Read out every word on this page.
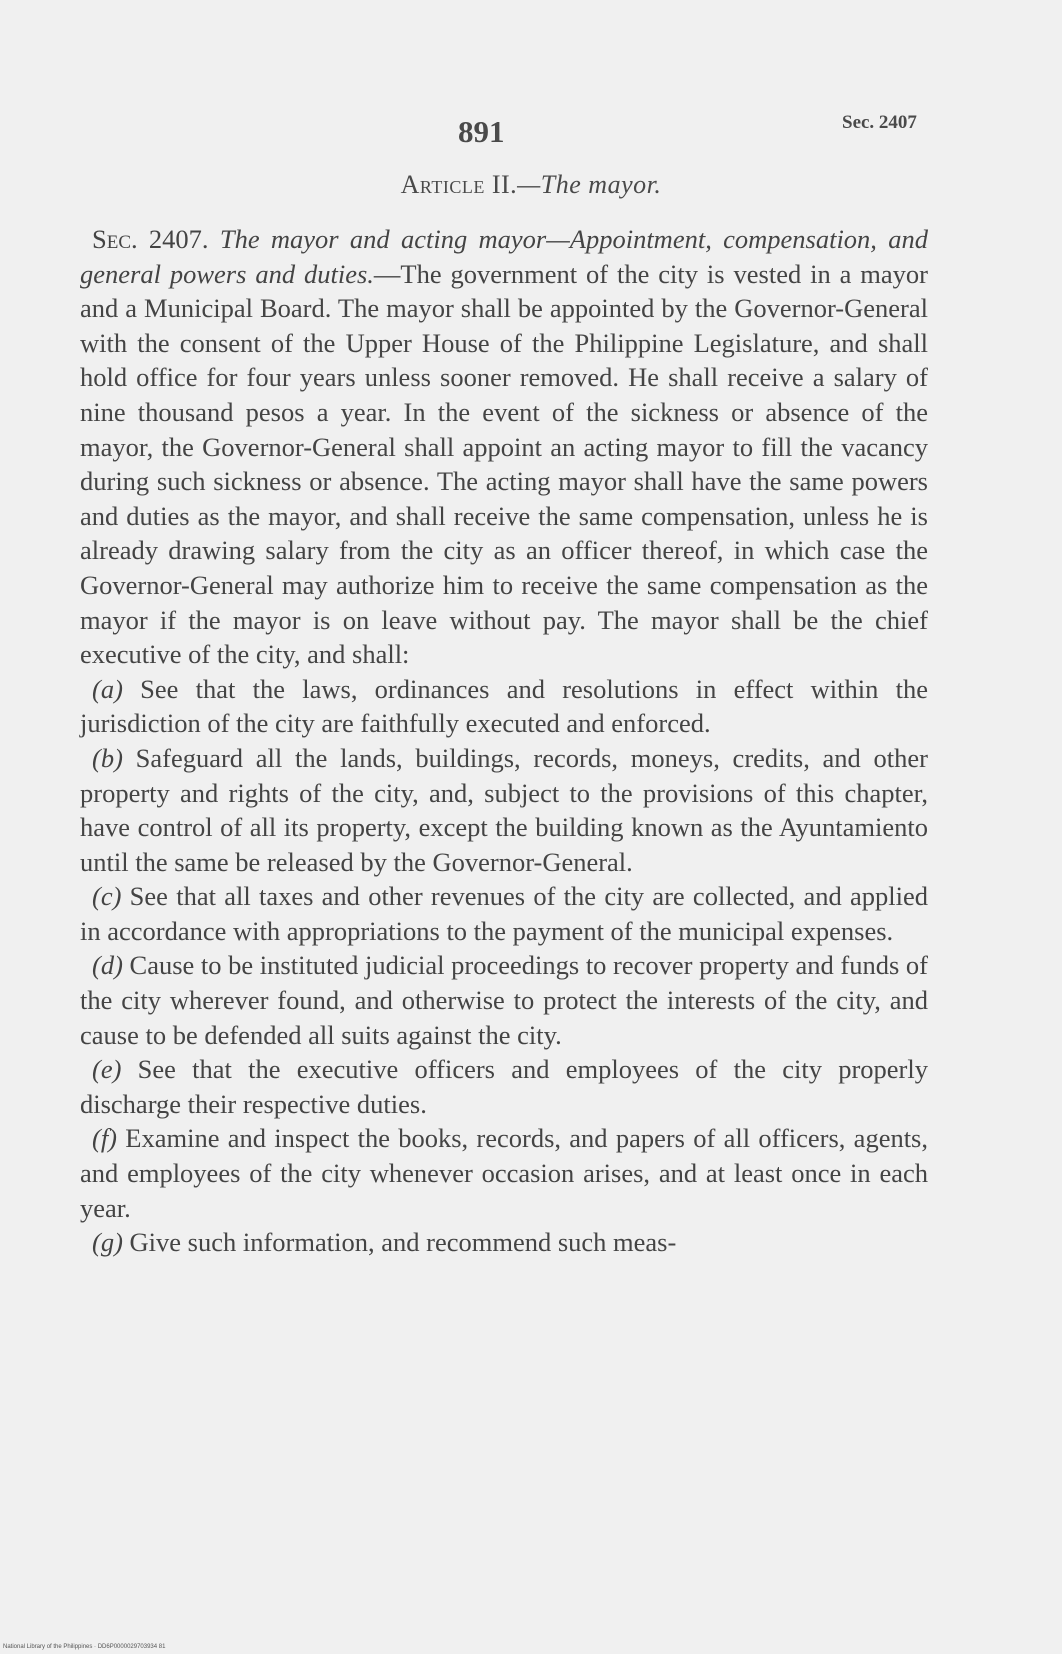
891	Sec. 2407
Article II.—The mayor.

Sec. 2407. The mayor and acting mayor—Appointment, compensation, and general powers and duties.—The government of the city is vested in a mayor and a Municipal Board. The mayor shall be appointed by the Governor-General with the consent of the Upper House of the Philippine Legislature, and shall hold office for four years unless sooner removed. He shall receive a salary of nine thousand pesos a year. In the event of the sickness or absence of the mayor, the Governor-General shall appoint an acting mayor to fill the vacancy during such sickness or absence. The acting mayor shall have the same powers and duties as the mayor, and shall receive the same compensation, unless he is already drawing salary from the city as an officer thereof, in which case the Governor-General may authorize him to receive the same compensation as the mayor if the mayor is on leave without pay. The mayor shall be the chief executive of the city, and shall:

(a) See that the laws, ordinances and resolutions in effect within the jurisdiction of the city are faithfully executed and enforced.

(b) Safeguard all the lands, buildings, records, moneys, credits, and other property and rights of the city, and, subject to the provisions of this chapter, have control of all its property, except the building known as the Ayuntamiento until the same be released by the Governor-General.

(c) See that all taxes and other revenues of the city are collected, and applied in accordance with appropriations to the payment of the municipal expenses.

(d) Cause to be instituted judicial proceedings to recover property and funds of the city wherever found, and otherwise to protect the interests of the city, and cause to be defended all suits against the city.

(e) See that the executive officers and employees of the city properly discharge their respective duties.

(f) Examine and inspect the books, records, and papers of all officers, agents, and employees of the city whenever occasion arises, and at least once in each year.

(g) Give such information, and recommend such meas-

National Library of the Philippines · DD6P0000029703934 81
